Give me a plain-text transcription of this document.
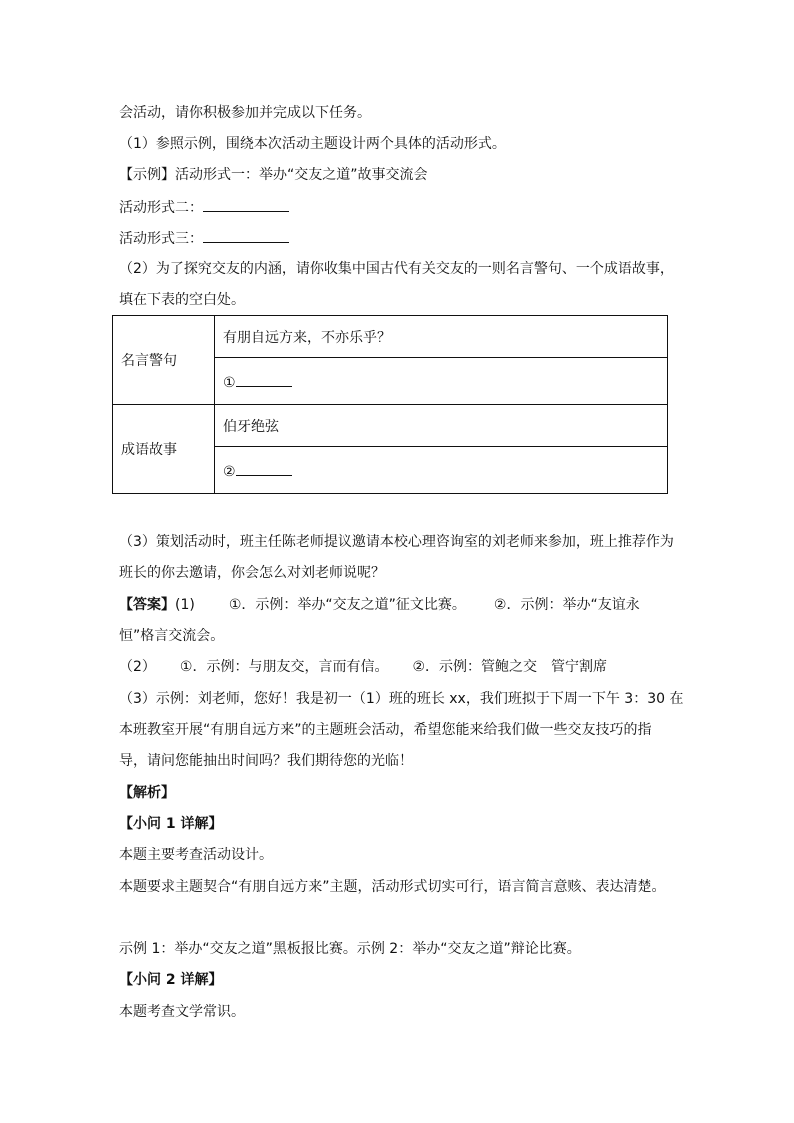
会活动，请你积极参加并完成以下任务。
（1）参照示例，围绕本次活动主题设计两个具体的活动形式。
【示例】活动形式一：举办“交友之道”故事交流会
活动形式二：
活动形式三：
（2）为了探究交友的内涵，请你收集中国古代有关交友的一则名言警句、一个成语故事，
填在下表的空白处。
名言警句	有朋自远方来，不亦乐乎？
	①
成语故事	伯牙绝弦
	②
（3）策划活动时，班主任陈老师提议邀请本校心理咨询室的刘老师来参加，班上推荐作为
班长的你去邀请，你会怎么对刘老师说呢？
【答案】(1) ①．示例：举办“交友之道”征文比赛。 ②．示例：举办“友谊永
恒”格言交流会。
（2） ①．示例：与朋友交，言而有信。 ②．示例：管鲍之交　管宁割席
（3）示例：刘老师，您好！我是初一（1）班的班长 xx，我们班拟于下周一下午 3：30 在
本班教室开展“有朋自远方来”的主题班会活动，希望您能来给我们做一些交友技巧的指
导，请问您能抽出时间吗？我们期待您的光临！
【解析】
【小问 1 详解】
本题主要考查活动设计。
本题要求主题契合“有朋自远方来”主题，活动形式切实可行，语言简言意赅、表达清楚。
示例 1：举办“交友之道”黑板报比赛。示例 2：举办“交友之道”辩论比赛。
【小问 2 详解】
本题考查文学常识。
